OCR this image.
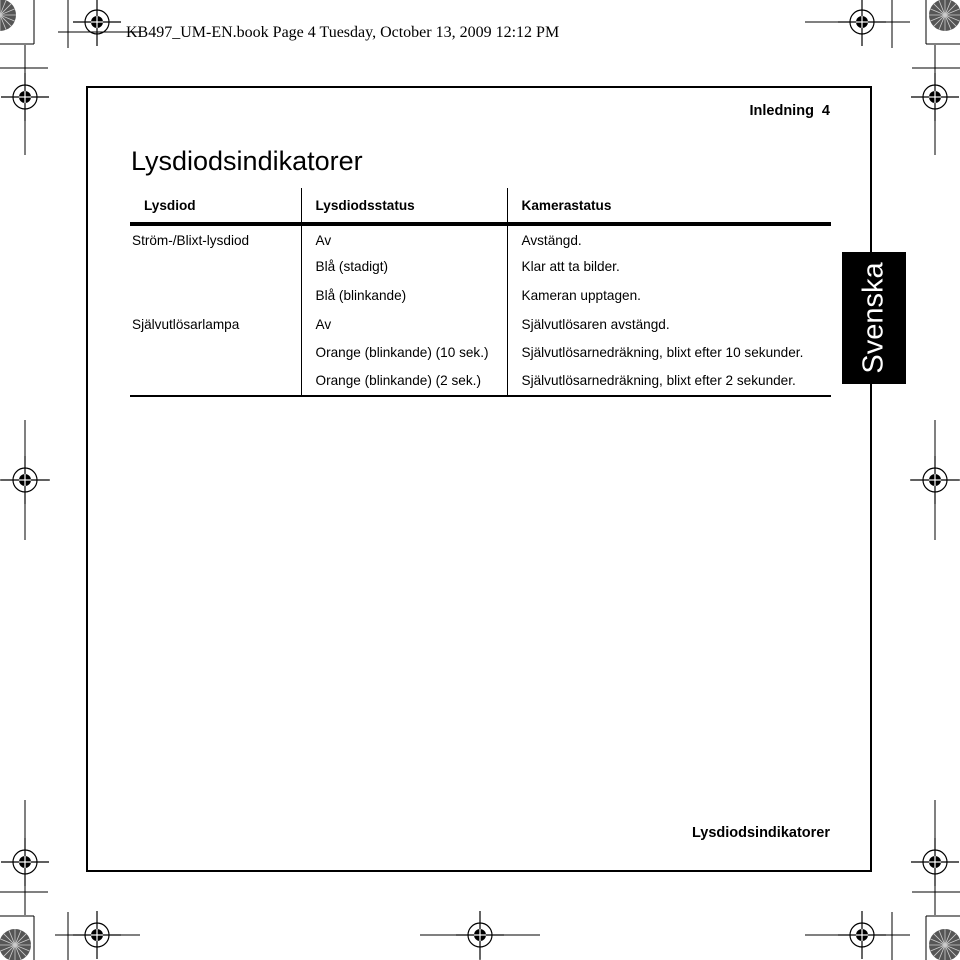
KB497_UM-EN.book Page 4 Tuesday, October 13, 2009 12:12 PM
Inledning 4
Lysdiodsindikatorer
Lysdiod	Lysdiodsstatus	Kamerastatus
Ström-/Blixt-lysdiod	Av	Avstängd.
	Blå (stadigt)	Klar att ta bilder.
	Blå (blinkande)	Kameran upptagen.
Självutlösarlampa	Av	Självutlösaren avstängd.
	Orange (blinkande) (10 sek.)	Självutlösarnedräkning, blixt efter 10 sekunder.
	Orange (blinkande) (2 sek.)	Självutlösarnedräkning, blixt efter 2 sekunder.
Svenska
Lysdiodsindikatorer
